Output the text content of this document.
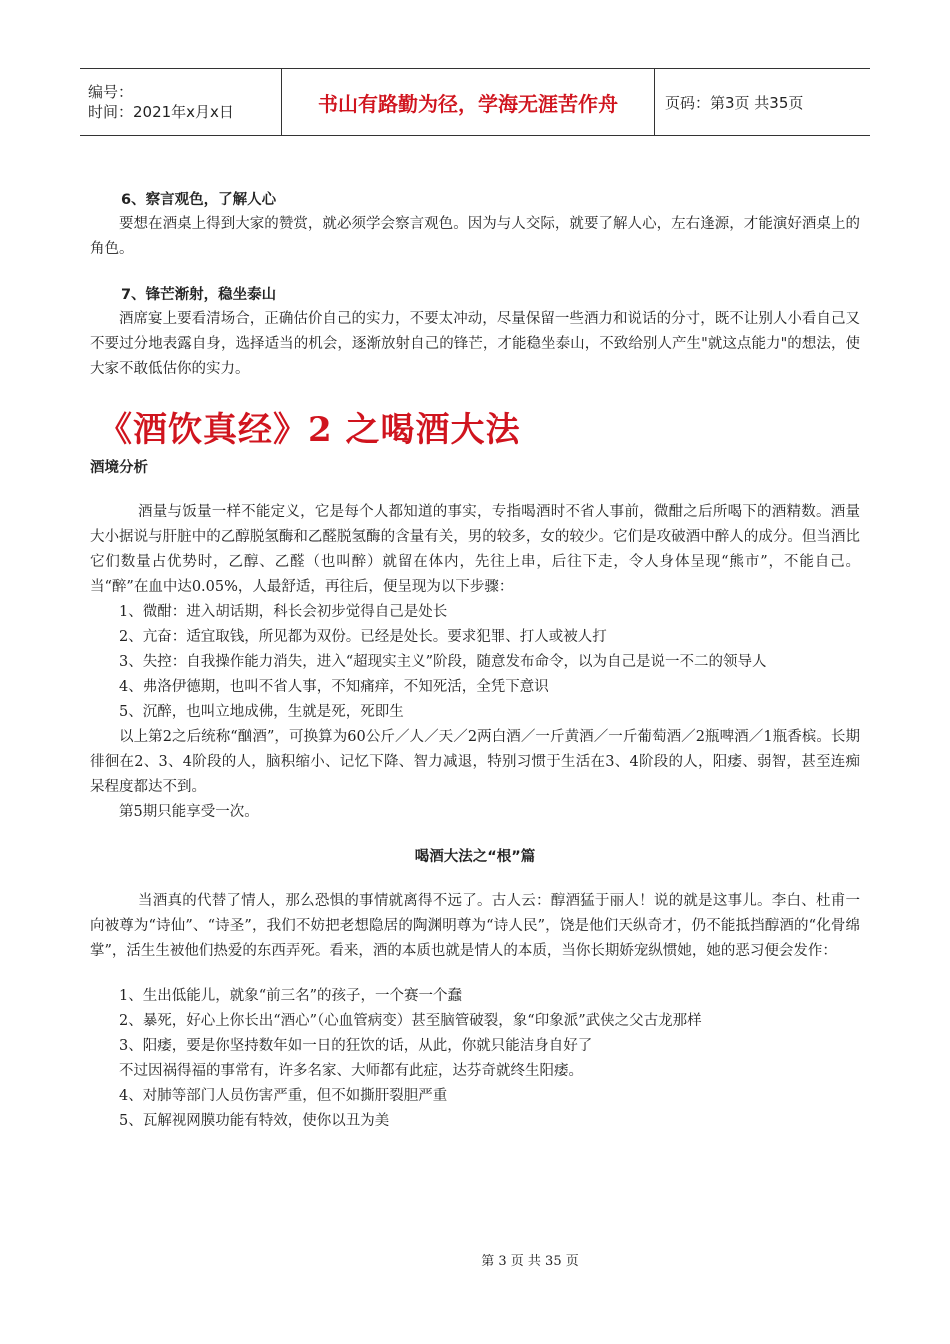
编号：
时间：2021年x月x日	书山有路勤为径，学海无涯苦作舟	页码：第3页 共35页

6、察言观色，了解人心

要想在酒桌上得到大家的赞赏，就必须学会察言观色。因为与人交际，就要了解人心，左右逢源，才能演好酒桌上的角色。

7、锋芒渐射，稳坐泰山

酒席宴上要看清场合，正确估价自己的实力，不要太冲动，尽量保留一些酒力和说话的分寸，既不让别人小看自己又不要过分地表露自身，选择适当的机会，逐渐放射自己的锋芒，才能稳坐泰山，不致给别人产生"就这点能力"的想法，使大家不敢低估你的实力。

《酒饮真经》2 之喝酒大法

酒境分析

酒量与饭量一样不能定义，它是每个人都知道的事实，专指喝酒时不省人事前，微酣之后所喝下的酒精数。酒量大小据说与肝脏中的乙醇脱氢酶和乙醛脱氢酶的含量有关，男的较多，女的较少。它们是攻破酒中醉人的成分。但当酒比它们数量占优势时，乙醇、乙醛（也叫醉）就留在体内，先往上串，后往下走，令人身体呈现“熊市”，不能自己。当“醉”在血中达0.05%，人最舒适，再往后，便呈现为以下步骤：

1、微酣：进入胡话期，科长会初步觉得自己是处长

2、亢奋：适宜取钱，所见都为双份。已经是处长。要求犯罪、打人或被人打

3、失控：自我操作能力消失，进入“超现实主义”阶段，随意发布命令，以为自己是说一不二的领导人

4、弗洛伊德期，也叫不省人事，不知痛痒，不知死活，全凭下意识

5、沉醉，也叫立地成佛，生就是死，死即生

以上第2之后统称“酗酒”，可换算为60公斤／人／天／2两白酒／一斤黄酒／一斤葡萄酒／2瓶啤酒／1瓶香槟。长期徘徊在2、3、4阶段的人，脑积缩小、记忆下降、智力减退，特别习惯于生活在3、4阶段的人，阳痿、弱智，甚至连痴呆程度都达不到。

第5期只能享受一次。

喝酒大法之“根”篇

当酒真的代替了情人，那么恐惧的事情就离得不远了。古人云：醇酒猛于丽人！说的就是这事儿。李白、杜甫一向被尊为“诗仙”、“诗圣”，我们不妨把老想隐居的陶渊明尊为“诗人民”，饶是他们天纵奇才，仍不能抵挡醇酒的“化骨绵掌”，活生生被他们热爱的东西弄死。看来，酒的本质也就是情人的本质，当你长期娇宠纵惯她，她的恶习便会发作：

1、生出低能儿，就象“前三名”的孩子，一个赛一个蠢

2、暴死，好心上你长出“酒心”（心血管病变）甚至脑管破裂，象“印象派”武侠之父古龙那样

3、阳痿，要是你坚持数年如一日的狂饮的话，从此，你就只能洁身自好了

不过因祸得福的事常有，许多名家、大师都有此症，达芬奇就终生阳痿。

4、对肺等部门人员伤害严重，但不如撕肝裂胆严重

5、瓦解视网膜功能有特效，使你以丑为美

第 3 页 共 35 页
